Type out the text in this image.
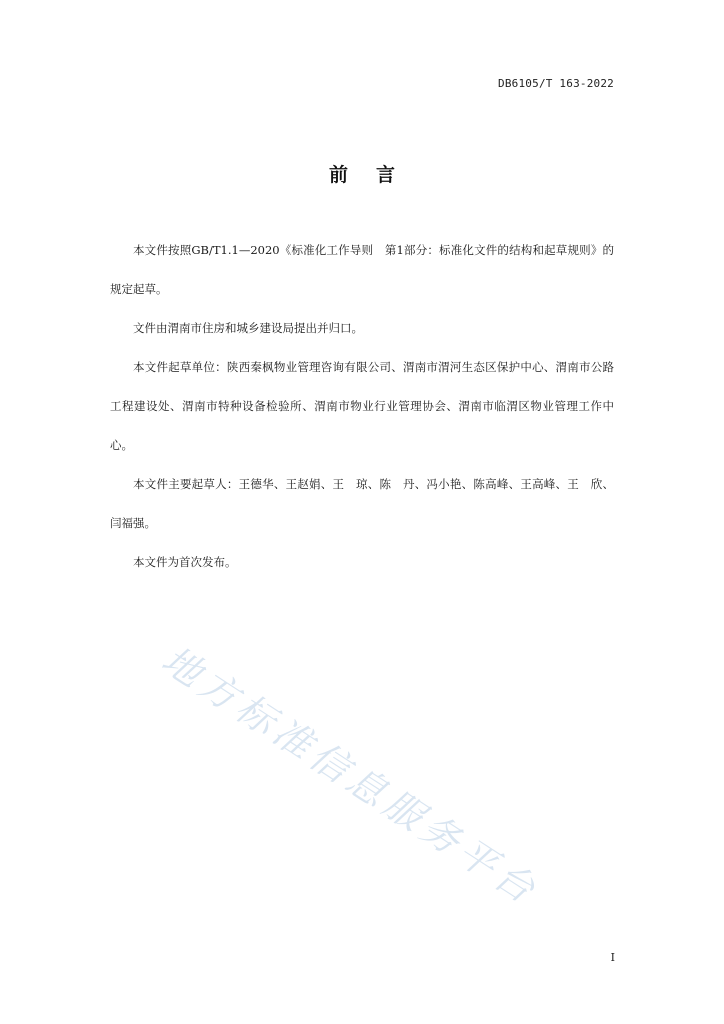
DB6105/T 163-2022
前言

本文件按照GB/T1.1—2020《标准化工作导则　第1部分：标准化文件的结构和起草规则》的规定起草。

文件由渭南市住房和城乡建设局提出并归口。

本文件起草单位：陕西秦枫物业管理咨询有限公司、渭南市渭河生态区保护中心、渭南市公路工程建设处、渭南市特种设备检验所、渭南市物业行业管理协会、渭南市临渭区物业管理工作中心。

本文件主要起草人：王德华、王赵娟、王　琼、陈　丹、冯小艳、陈高峰、王高峰、王　欣、闫福强。

本文件为首次发布。

地方标准信息服务平台
I
